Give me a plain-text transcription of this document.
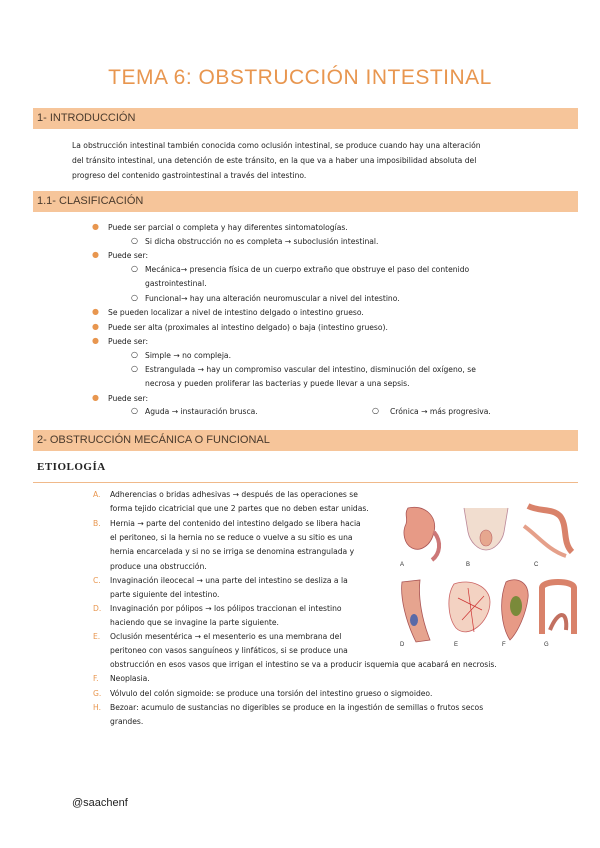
TEMA 6: OBSTRUCCIÓN INTESTINAL
1- INTRODUCCIÓN
La obstrucción intestinal también conocida como oclusión intestinal, se produce cuando hay una alteración
del tránsito intestinal, una detención de este tránsito, en la que va a haber una imposibilidad absoluta del
progreso del contenido gastrointestinal a través del intestino.
1.1- CLASIFICACIÓN
● Puede ser parcial o completa y hay diferentes sintomatologías.
○ Si dicha obstrucción no es completa → suboclusión intestinal.
● Puede ser:
○ Mecánica→ presencia física de un cuerpo extraño que obstruye el paso del contenido
gastrointestinal.
○ Funcional→ hay una alteración neuromuscular a nivel del intestino.
● Se pueden localizar a nivel de intestino delgado o intestino grueso.
● Puede ser alta (proximales al intestino delgado) o baja (intestino grueso).
● Puede ser:
○ Simple → no compleja.
○ Estrangulada → hay un compromiso vascular del intestino, disminución del oxígeno, se
necrosa y pueden proliferar las bacterias y puede llevar a una sepsis.
● Puede ser:
○ Aguda → instauración brusca.	○ Crónica → más progresiva.
2- OBSTRUCCIÓN MECÁNICA O FUNCIONAL
ETIOLOGÍA
A. Adherencias o bridas adhesivas → después de las operaciones se
forma tejido cicatricial que une 2 partes que no deben estar unidas.
B. Hernia → parte del contenido del intestino delgado se libera hacia
el peritoneo, si la hernia no se reduce o vuelve a su sitio es una
hernia encarcelada y si no se irriga se denomina estrangulada y
produce una obstrucción.
C. Invaginación ileocecal → una parte del intestino se desliza a la
parte siguiente del intestino.
D. Invaginación por pólipos → los pólipos traccionan el intestino
haciendo que se invagine la parte siguiente.
E. Oclusión mesentérica → el mesenterio es una membrana del
peritoneo con vasos sanguíneos y linfáticos, si se produce una
obstrucción en esos vasos que irrigan el intestino se va a producir isquemia que acabará en necrosis.
F. Neoplasia.
G. Vólvulo del colón sigmoide: se produce una torsión del intestino grueso o sigmoideo.
H. Bezoar: acumulo de sustancias no digeribles se produce en la ingestión de semillas o frutos secos
grandes.
A	B	C
D	E	F	G
@saachenf
